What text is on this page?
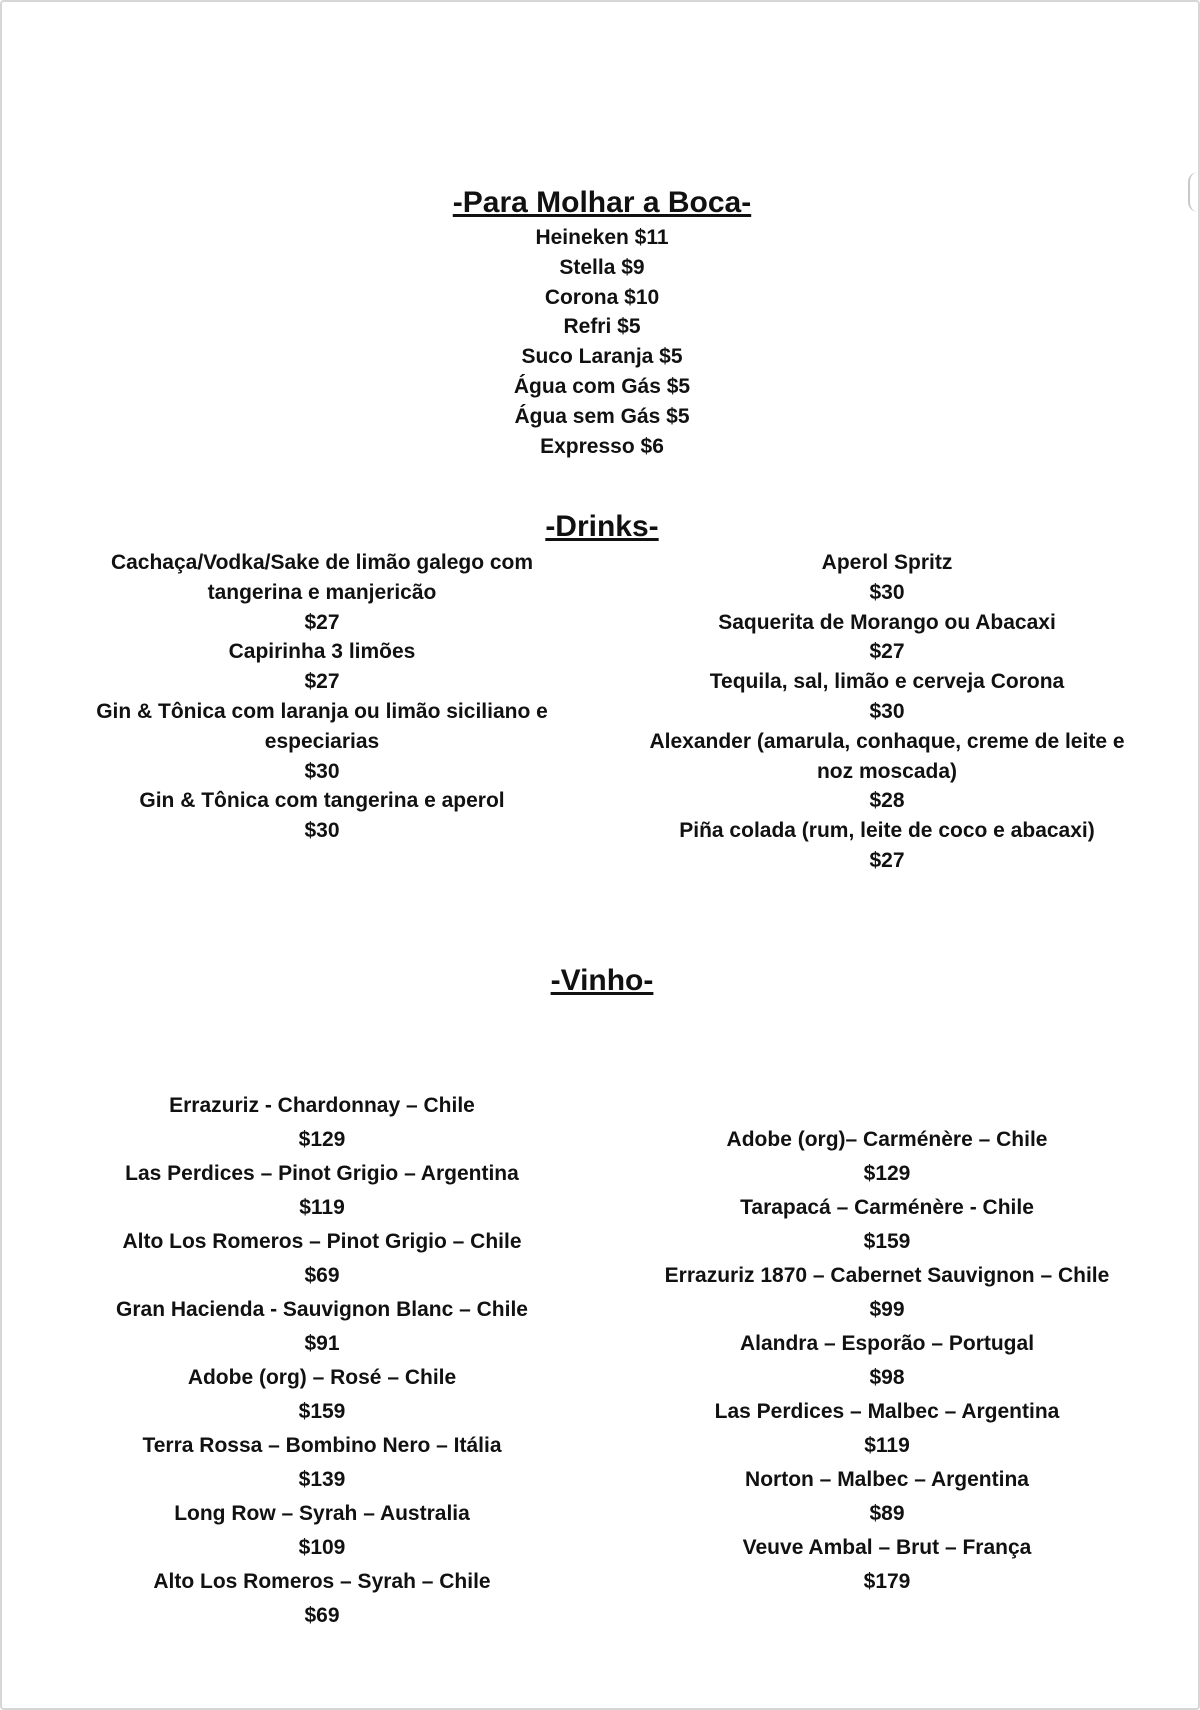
-Para Molhar a Boca-
Heineken $11
Stella $9
Corona $10
Refri $5
Suco Laranja $5
Água com Gás $5
Água sem Gás $5
Expresso $6
-Drinks-
Cachaça/Vodka/Sake de limão galego com
tangerina e manjericão
$27
Capirinha 3 limões
$27
Gin & Tônica com laranja ou limão siciliano e
especiarias
$30
Gin & Tônica com tangerina e aperol
$30
Aperol Spritz
$30
Saquerita de Morango ou Abacaxi
$27
Tequila, sal, limão e cerveja Corona
$30
Alexander (amarula, conhaque, creme de leite e
noz moscada)
$28
Piña colada (rum, leite de coco e abacaxi)
$27
-Vinho-
Errazuriz - Chardonnay – Chile
$129
Las Perdices – Pinot Grigio – Argentina
$119
Alto Los Romeros – Pinot Grigio – Chile
$69
Gran Hacienda - Sauvignon Blanc – Chile
$91
Adobe (org) – Rosé – Chile
$159
Terra Rossa – Bombino Nero – Itália
$139
Long Row – Syrah – Australia
$109
Alto Los Romeros – Syrah – Chile
$69
Adobe (org)– Carménère – Chile
$129
Tarapacá – Carménère - Chile
$159
Errazuriz 1870 – Cabernet Sauvignon – Chile
$99
Alandra – Esporão – Portugal
$98
Las Perdices – Malbec – Argentina
$119
Norton – Malbec – Argentina
$89
Veuve Ambal – Brut – França
$179
